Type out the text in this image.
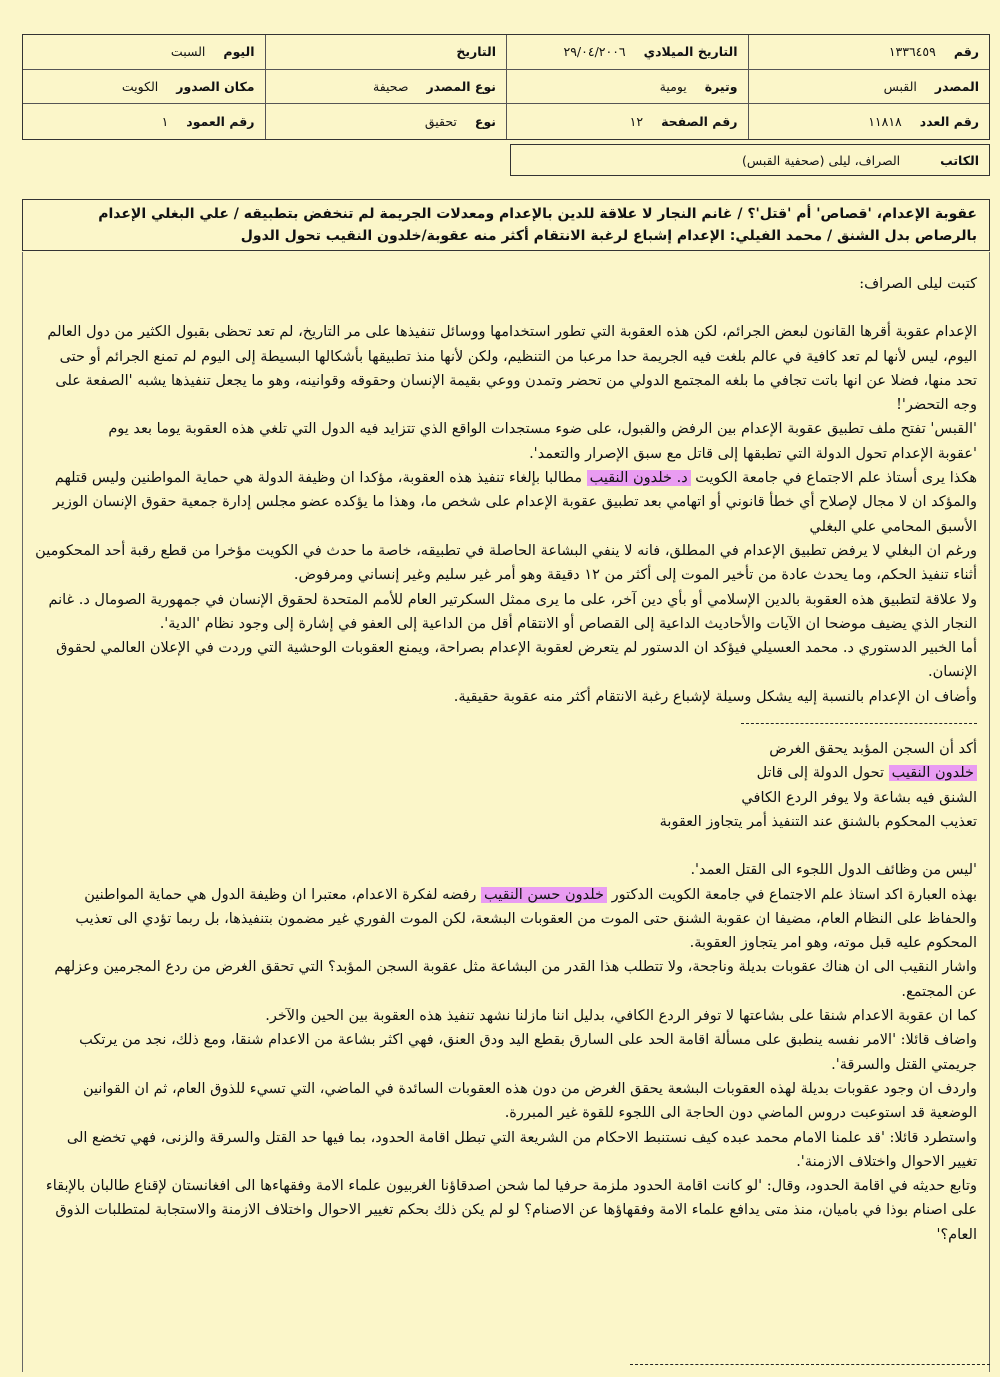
رقم
١٣٣٦٤٥٩
التاريخ الميلادي
٢٩/٠٤/٢٠٠٦
التاريخ
اليوم
السبت
المصدر
القبس
وتيرة
يومية
نوع المصدر
صحيفة
مكان الصدور
الكويت
رقم العدد
١١٨١٨
رقم الصفحة
١٢
نوع
تحقيق
رقم العمود
١
الكاتب
الصراف، ليلى (صحفية القبس)
عقوبة الإعدام، 'قصاص' أم 'قتل'؟ / غانم النجار لا علاقة للدين بالإعدام ومعدلات الجريمة لم تنخفض بتطبيقه / علي البغلي الإعدام بالرصاص بدل الشنق / محمد الفيلي: الإعدام إشباع لرغبة الانتقام أكثر منه عقوبة/خلدون النقيب تحول الدول

كتبت ليلى الصراف:

الإعدام عقوبة أقرها القانون لبعض الجرائم، لكن هذه العقوبة التي تطور استخدامها ووسائل تنفيذها على مر التاريخ، لم تعد تحظى بقبول الكثير من دول العالم اليوم، ليس لأنها لم تعد كافية في عالم بلغت فيه الجريمة حدا مرعبا من التنظيم، ولكن لأنها منذ تطبيقها بأشكالها البسيطة إلى اليوم لم تمنع الجرائم أو حتى تحد منها، فضلا عن انها باتت تجافي ما بلغه المجتمع الدولي من تحضر وتمدن ووعي بقيمة الإنسان وحقوقه وقوانينه، وهو ما يجعل تنفيذها يشبه 'الصفعة على وجه التحضر'!

'القبس' تفتح ملف تطبيق عقوبة الإعدام بين الرفض والقبول، على ضوء مستجدات الواقع الذي تتزايد فيه الدول التي تلغي هذه العقوبة يوما بعد يوم

'عقوبة الإعدام تحول الدولة التي تطبقها إلى قاتل مع سبق الإصرار والتعمد'.

هكذا يرى أستاذ علم الاجتماع في جامعة الكويت د. خلدون النقيب مطالبا بإلغاء تنفيذ هذه العقوبة، مؤكدا ان وظيفة الدولة هي حماية المواطنين وليس قتلهم

والمؤكد ان لا مجال لإصلاح أي خطأ قانوني أو اتهامي بعد تطبيق عقوبة الإعدام على شخص ما، وهذا ما يؤكده عضو مجلس إدارة جمعية حقوق الإنسان الوزير الأسبق المحامي علي البغلي

ورغم ان البغلي لا يرفض تطبيق الإعدام في المطلق، فانه لا ينفي البشاعة الحاصلة في تطبيقه، خاصة ما حدث في الكويت مؤخرا من قطع رقبة أحد المحكومين أثناء تنفيذ الحكم، وما يحدث عادة من تأخير الموت إلى أكثر من ١٢ دقيقة وهو أمر غير سليم وغير إنساني ومرفوض.

ولا علاقة لتطبيق هذه العقوبة بالدين الإسلامي أو بأي دين آخر، على ما يرى ممثل السكرتير العام للأمم المتحدة لحقوق الإنسان في جمهورية الصومال د. غانم النجار الذي يضيف موضحا ان الآيات والأحاديث الداعية إلى القصاص أو الانتقام أقل من الداعية إلى العفو في إشارة إلى وجود نظام 'الدية'.

أما الخبير الدستوري د. محمد العسيلي فيؤكد ان الدستور لم يتعرض لعقوبة الإعدام بصراحة، ويمنع العقوبات الوحشية التي وردت في الإعلان العالمي لحقوق الإنسان.

وأضاف ان الإعدام بالنسبة إليه يشكل وسيلة لإشباع رغبة الانتقام أكثر منه عقوبة حقيقية.

أكد أن السجن المؤبد يحقق الغرض

خلدون النقيب تحول الدولة إلى قاتل

الشنق فيه بشاعة ولا يوفر الردع الكافي

تعذيب المحكوم بالشنق عند التنفيذ أمر يتجاوز العقوبة

'ليس من وظائف الدول اللجوء الى القتل العمد'.

بهذه العبارة اكد استاذ علم الاجتماع في جامعة الكويت الدكتور خلدون حسن النقيب رفضه لفكرة الاعدام، معتبرا ان وظيفة الدول هي حماية المواطنين والحفاظ على النظام العام، مضيفا ان عقوبة الشنق حتى الموت من العقوبات البشعة، لكن الموت الفوري غير مضمون بتنفيذها، بل ربما تؤدي الى تعذيب المحكوم عليه قبل موته، وهو امر يتجاوز العقوبة.

واشار النقيب الى ان هناك عقوبات بديلة وناجحة، ولا تتطلب هذا القدر من البشاعة مثل عقوبة السجن المؤبد؟ التي تحقق الغرض من ردع المجرمين وعزلهم عن المجتمع.

كما ان عقوبة الاعدام شنقا على بشاعتها لا توفر الردع الكافي، بدليل اننا مازلنا نشهد تنفيذ هذه العقوبة بين الحين والآخر.

واضاف قائلا: 'الامر نفسه ينطبق على مسألة اقامة الحد على السارق بقطع اليد ودق العنق، فهي اكثر بشاعة من الاعدام شنقا، ومع ذلك، نجد من يرتكب جريمتي القتل والسرقة'.

واردف ان وجود عقوبات بديلة لهذه العقوبات البشعة يحقق الغرض من دون هذه العقوبات السائدة في الماضي، التي تسيء للذوق العام، ثم ان القوانين الوضعية قد استوعبت دروس الماضي دون الحاجة الى اللجوء للقوة غير المبررة.

واستطرد قائلا: 'قد علمنا الامام محمد عبده كيف نستنبط الاحكام من الشريعة التي تبطل اقامة الحدود، بما فيها حد القتل والسرقة والزنى، فهي تخضع الى تغيير الاحوال واختلاف الازمنة'.

وتابع حديثه في اقامة الحدود، وقال: 'لو كانت اقامة الحدود ملزمة حرفيا لما شحن اصدقاؤنا الغربيون علماء الامة وفقهاءها الى افغانستان لإقناع طالبان بالإبقاء على اصنام بوذا في باميان، منذ متى يدافع علماء الامة وفقهاؤها عن الاصنام؟ لو لم يكن ذلك بحكم تغيير الاحوال واختلاف الازمنة والاستجابة لمتطلبات الذوق العام؟'
